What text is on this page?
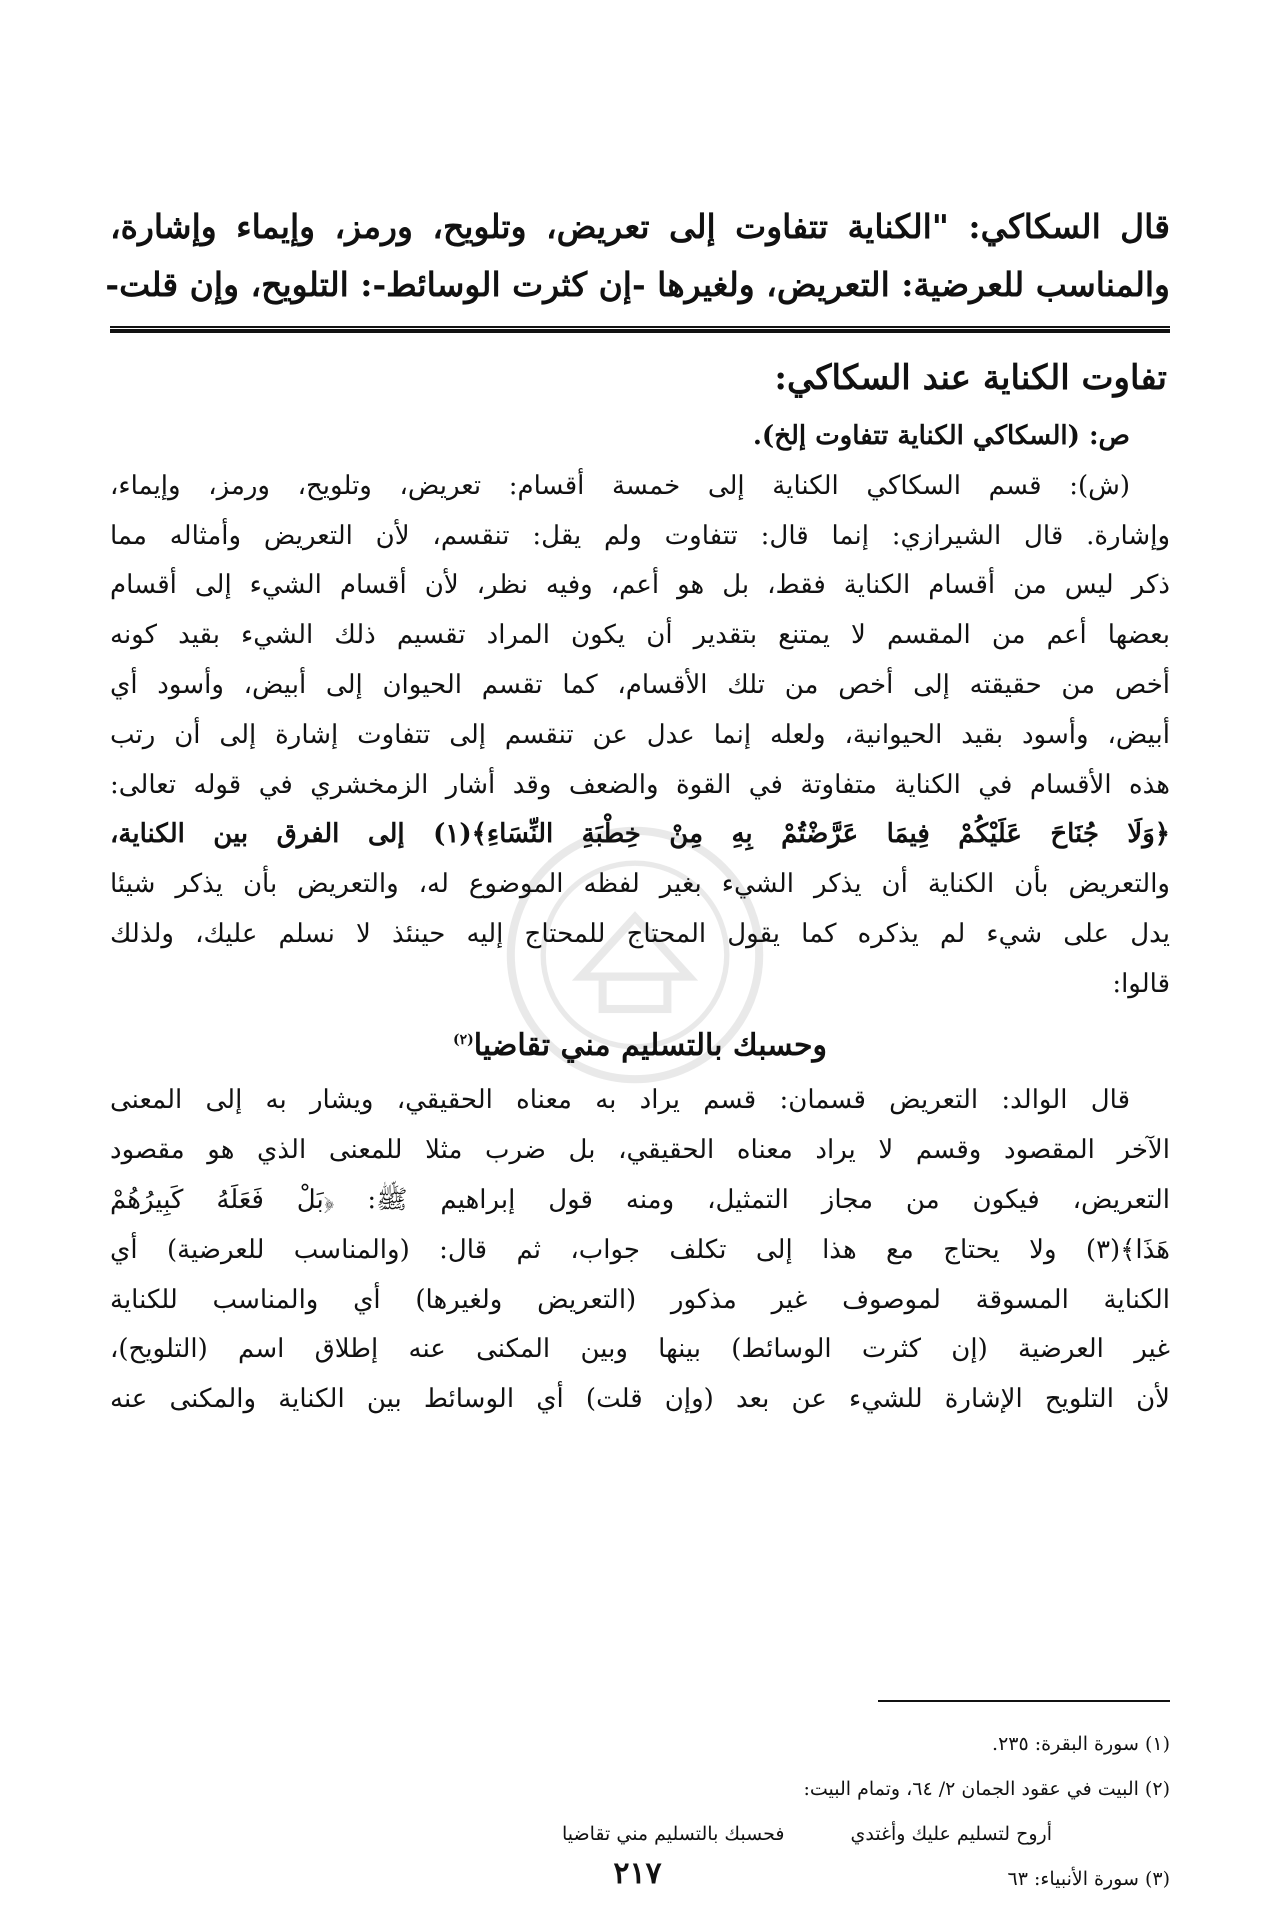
قال السكاكي: "الكناية تتفاوت إلى تعريض، وتلويح، ورمز، وإيماء وإشارة،
والمناسب للعرضية: التعريض، ولغيرها -إن كثرت الوسائط-: التلويح، وإن قلت-
تفاوت الكناية عند السكاكي:
ص: (السكاكي الكناية تتفاوت إلخ).
(ش): قسم السكاكي الكناية إلى خمسة أقسام: تعريض، وتلويح، ورمز، وإيماء،
وإشارة. قال الشيرازي: إنما قال: تتفاوت ولم يقل: تنقسم، لأن التعريض وأمثاله مما
ذكر ليس من أقسام الكناية فقط، بل هو أعم، وفيه نظر، لأن أقسام الشيء إلى أقسام
بعضها أعم من المقسم لا يمتنع بتقدير أن يكون المراد تقسيم ذلك الشيء بقيد كونه
أخص من حقيقته إلى أخص من تلك الأقسام، كما تقسم الحيوان إلى أبيض، وأسود أي
أبيض، وأسود بقيد الحيوانية، ولعله إنما عدل عن تنقسم إلى تتفاوت إشارة إلى أن رتب
هذه الأقسام في الكناية متفاوتة في القوة والضعف وقد أشار الزمخشري في قوله تعالى:
﴿وَلَا جُنَاحَ عَلَيْكُمْ فِيمَا عَرَّضْتُمْ بِهِ مِنْ خِطْبَةِ النِّسَاءِ﴾(١) إلى الفرق بين الكناية،
والتعريض بأن الكناية أن يذكر الشيء بغير لفظه الموضوع له، والتعريض بأن يذكر شيئا
يدل على شيء لم يذكره كما يقول المحتاج للمحتاج إليه حينئذ لا نسلم عليك، ولذلك
قالوا:
وحسبك بالتسليم مني تقاضيا$^{(٢)}$
قال الوالد: التعريض قسمان: قسم يراد به معناه الحقيقي، ويشار به إلى المعنى
الآخر المقصود وقسم لا يراد معناه الحقيقي، بل ضرب مثلا للمعنى الذي هو مقصود
التعريض، فيكون من مجاز التمثيل، ومنه قول إبراهيم ﷺ: ﴿بَلْ فَعَلَهُ كَبِيرُهُمْ
هَذَا﴾(٣) ولا يحتاج مع هذا إلى تكلف جواب، ثم قال: (والمناسب للعرضية) أي
الكناية المسوقة لموصوف غير مذكور (التعريض ولغيرها) أي والمناسب للكناية
غير العرضية (إن كثرت الوسائط) بينها وبين المكنى عنه إطلاق اسم (التلويح)،
لأن التلويح الإشارة للشيء عن بعد (وإن قلت) أي الوسائط بين الكناية والمكنى عنه
(١) سورة البقرة: ٢٣٥.
(٢) البيت في عقود الجمان ٢/ ٦٤، وتمام البيت:
أروح لتسليم عليك وأغتدي فحسبك بالتسليم مني تقاضيا
(٣) سورة الأنبياء: ٦٣
٢١٧
